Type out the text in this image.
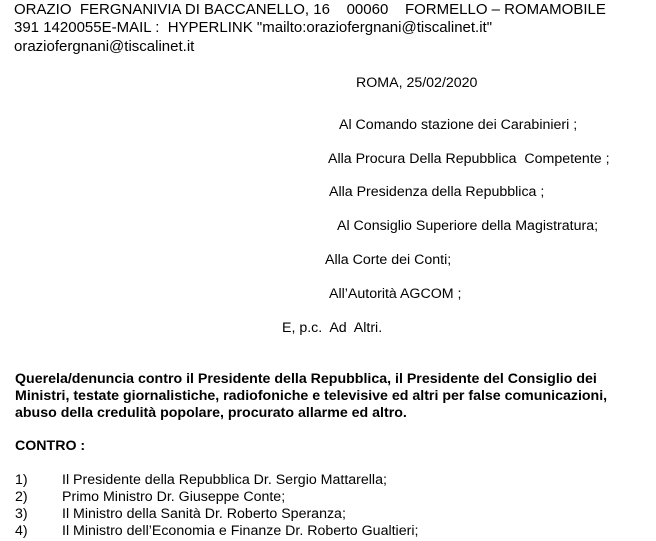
ORAZIO  FERGNANIVIA DI BACCANELLO, 16    00060    FORMELLO – ROMAMOBILE
391 1420055E-MAIL :  HYPERLINK "mailto:oraziofergnani@tiscalinet.it"
oraziofergnani@tiscalinet.it
ROMA, 25/02/2020
Al Comando stazione dei Carabinieri ;
Alla Procura Della Repubblica  Competente ;
Alla Presidenza della Repubblica ;
Al Consiglio Superiore della Magistratura;
Alla Corte dei Conti;
All’Autorità AGCOM ;
E, p.c.  Ad  Altri.
Querela/denuncia contro il Presidente della Repubblica, il Presidente del Consiglio dei
Ministri, testate giornalistiche, radiofoniche e televisive ed altri per false comunicazioni,
abuso della credulità popolare, procurato allarme ed altro.
CONTRO :
1) Il Presidente della Repubblica Dr. Sergio Mattarella;
2) Primo Ministro Dr. Giuseppe Conte;
3) Il Ministro della Sanità Dr. Roberto Speranza;
4) Il Ministro dell’Economia e Finanze Dr. Roberto Gualtieri;
